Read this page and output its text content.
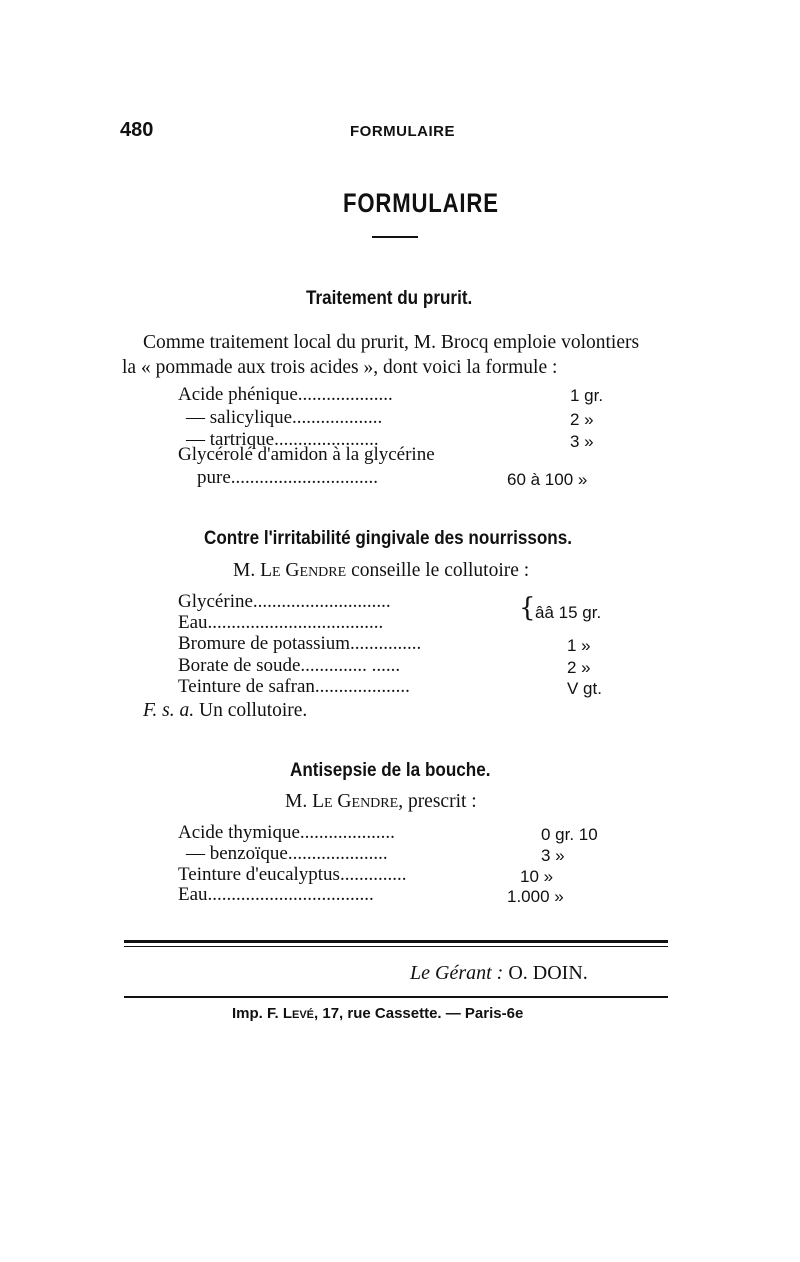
480	FORMULAIRE
FORMULAIRE
Traitement du prurit.
Comme traitement local du prurit, M. Brocq emploie volontiers
la « pommade aux trois acides », dont voici la formule :
Acide phénique....................	1 gr.
— salicylique...................	2 »
— tartrique......................	3 »
Glycérolé d'amidon à la glycérine
pure...............................	60 à 100 »
Contre l'irritabilité gingivale des nourrissons.
M. Le Gendre conseille le collutoire :
Glycérine.............................
Eau.....................................	{ ââ 15 gr.
Bromure de potassium...............	1 »
Borate de soude.............. ......	2 »
Teinture de safran....................	V gt.
F. s. a. Un collutoire.
Antisepsie de la bouche.
M. Le Gendre, prescrit :
Acide thymique....................	0 gr. 10
— benzoïque.....................	3 »
Teinture d'eucalyptus..............	10 »
Eau...................................	1.000 »
Le Gérant : O. DOIN.
Imp. F. Levé, 17, rue Cassette. — Paris-6e
